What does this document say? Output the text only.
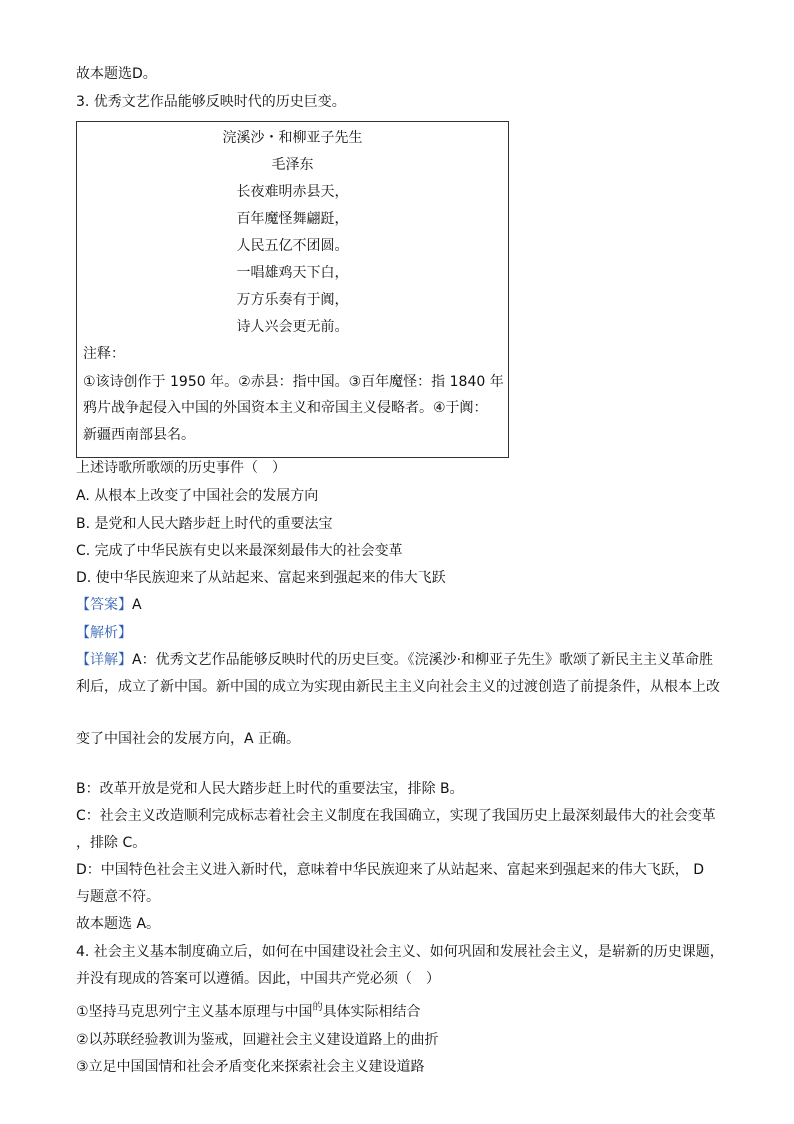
故本题选D。
3. 优秀文艺作品能够反映时代的历史巨变。
浣溪沙・和柳亚子先生
毛泽东
长夜难明赤县天，
百年魔怪舞翩跹，
人民五亿不团圆。
一唱雄鸡天下白，
万方乐奏有于阗，
诗人兴会更无前。
注释：
①该诗创作于 1950 年。②赤县：指中国。③百年魔怪：指 1840 年
鸦片战争起侵入中国的外国资本主义和帝国主义侵略者。④于阗：
新疆西南部县名。
上述诗歌所歌颂的历史事件（　）
A. 从根本上改变了中国社会的发展方向
B. 是党和人民大踏步赶上时代的重要法宝
C. 完成了中华民族有史以来最深刻最伟大的社会变革
D. 使中华民族迎来了从站起来、富起来到强起来的伟大飞跃
【答案】A
【解析】
【详解】A：优秀文艺作品能够反映时代的历史巨变。《浣溪沙·和柳亚子先生》歌颂了新民主主义革命胜
利后，成立了新中国。新中国的成立为实现由新民主主义向社会主义的过渡创造了前提条件，从根本上改
变了中国社会的发展方向，A 正确。
B：改革开放是党和人民大踏步赶上时代的重要法宝，排除 B。
C：社会主义改造顺利完成标志着社会主义制度在我国确立，实现了我国历史上最深刻最伟大的社会变革
，排除 C。
D：中国特色社会主义进入新时代，意味着中华民族迎来了从站起来、富起来到强起来的伟大飞跃， D
与题意不符。
故本题选 A。
4. 社会主义基本制度确立后，如何在中国建设社会主义、如何巩固和发展社会主义，是崭新的历史课题，
并没有现成的答案可以遵循。因此，中国共产党必须（　）
①坚持马克思列宁主义基本原理与中国$^的$具体实际相结合
②以苏联经验教训为鉴戒，回避社会主义建设道路上的曲折
③立足中国国情和社会矛盾变化来探索社会主义建设道路
